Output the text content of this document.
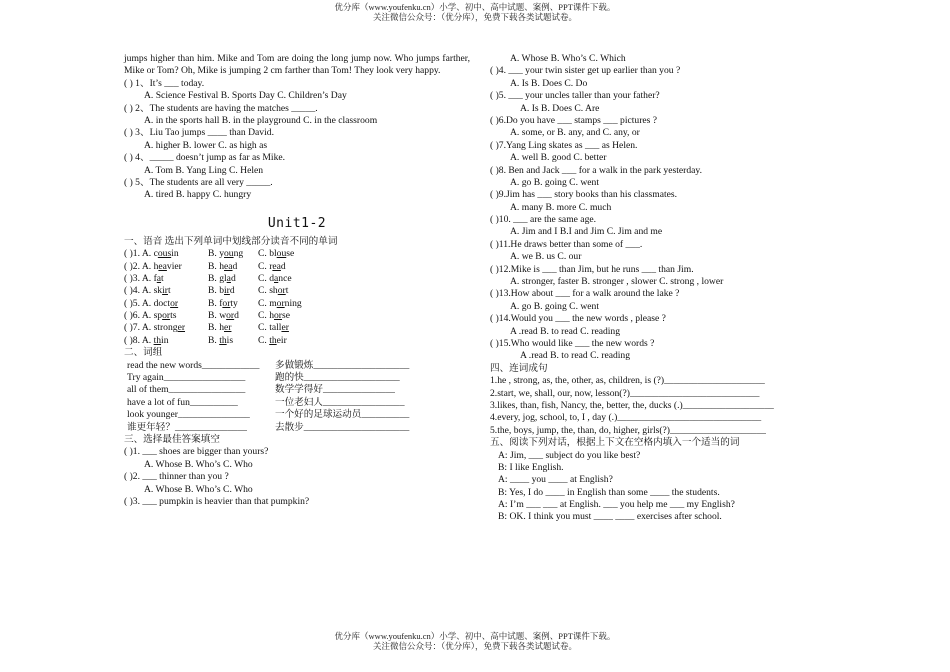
优分库（www.youfenku.cn）小学、初中、高中试题、案例、PPT课件下载。
关注微信公众号：（优分库），免费下载各类试题试卷。
jumps higher than him. Mike and Tom are doing the long jump now. Who jumps farther, Mike or Tom? Oh, Mike is jumping 2 cm farther than Tom! They look very happy.
( ) 1、It’s ___ today.
A. Science Festival B. Sports Day C. Children’s Day
( ) 2、The students are having the matches _____.
A. in the sports hall B. in the playground C. in the classroom
( ) 3、Liu Tao jumps ____ than David.
A. higher B. lower C. as high as
( ) 4、_____ doesn’t jump as far as Mike.
A. Tom B. Yang Ling C. Helen
( ) 5、The students are all very _____.
A. tired B. happy C. hungry
Unit1-2
一、语音 选出下列单词中划线部分读音不同的单词
( )1. A. cousin	B. young C. blouse
( )2. A. heavier	B. head C. read
( )3. A. fat	B. glad C. dance
( )4. A. skirt	B. bird C. short
( )5. A. doctor	B. forty C. morning
( )6. A. sports	B. word C. horse
( )7. A. stronger B. her	C. taller
( )8. A. thin	B. this	C. their
二、词组
read the new words____________ 多做锻炼____________________
Try again_________________	跑的快____________________
all of them________________	数学学得好_______________
have a lot of fun__________	一位老妇人_________________
look younger_______________	一个好的足球运动员__________
谁更年轻？_______________	去散步______________________
三、选择最佳答案填空
( )1. ___ shoes are bigger than yours?
A. Whose B. Who’s C. Who
( )2. ___ thinner than you ?
A. Whose B. Who’s C. Who
( )3. ___ pumpkin is heavier than that pumpkin?
A. Whose B. Who’s C. Which
( )4. ___ your twin sister get up earlier than you ?
A. Is B. Does C. Do
( )5. ___ your uncles taller than your father?
A. Is B. Does C. Are
( )6.Do you have ___ stamps ___ pictures ?
A. some, or B. any, and C. any, or
( )7.Yang Ling skates as ___ as Helen.
A. well B. good C. better
( )8. Ben and Jack ___ for a walk in the park yesterday.
A. go B. going C. went
( )9.Jim has ___ story books than his classmates.
A. many B. more C. much
( )10. ___ are the same age.
A. Jim and I B.I and Jim C. Jim and me
( )11.He draws better than some of ___.
A. we B. us C. our
( )12.Mike is ___ than Jim, but he runs ___ than Jim.
A. stronger, faster B. stronger , slower C. strong , lower
( )13.How about ___ for a walk around the lake ?
A. go B. going C. went
( )14.Would you ___ the new words , please ?
A .read B. to read C. reading
( )15.Who would like ___ the new words ?
A .read B. to read C. reading
四、连词成句
1.he , strong, as, the, other, as, children, is (?)_____________________
2.start, we, shall, our, now, lesson(?)___________________________
3.likes, than, fish, Nancy, the, better, the, ducks (.)___________________
4.every, jog, school, to, I , day (.)______________________________
5.the, boys, jump, the, than, do, higher, girls(?)____________________
五、阅读下列对话，根据上下文在空格内填入一个适当的词
A: Jim, ___ subject do you like best?
B: I like English.
A: ____ you ____ at English?
B: Yes, I do ____ in English than some ____ the students.
A: I’m ___ ___ at English. ___ you help me ___ my English?
B: OK. I think you must ____ ____ exercises after school.
优分库（www.youfenku.cn）小学、初中、高中试题、案例、PPT课件下载。
关注微信公众号：（优分库），免费下载各类试题试卷。
